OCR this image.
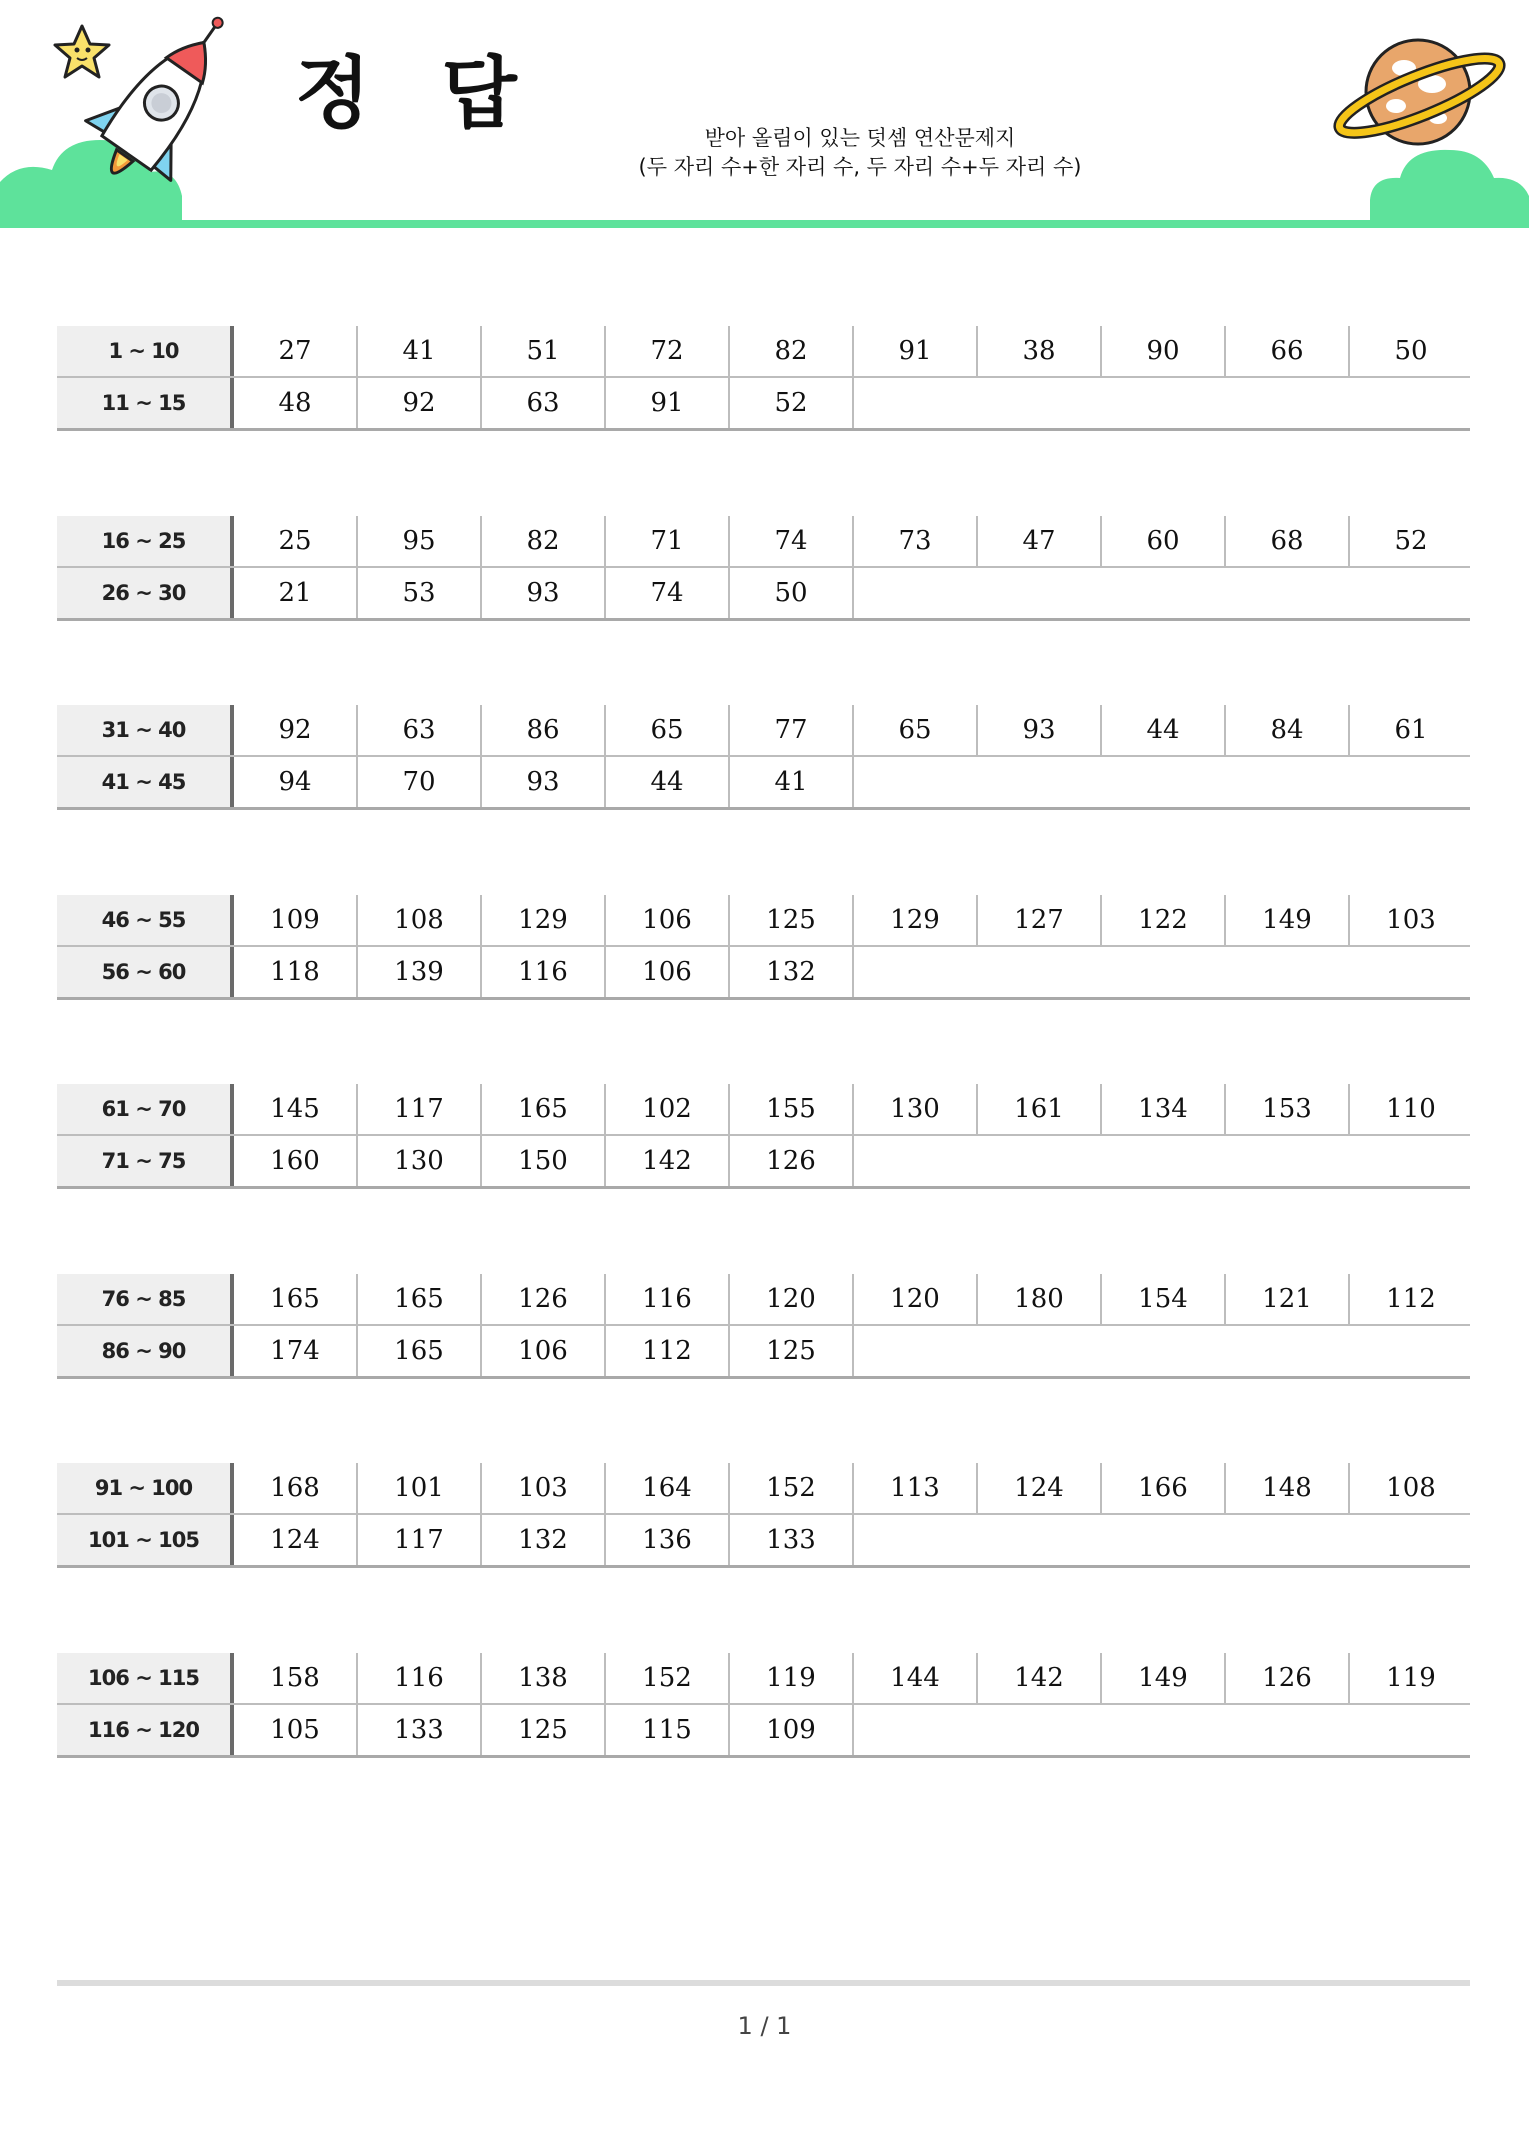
정 답	받아 올림이 있는 덧셈 연산문제지
(두 자리 수+한 자리 수, 두 자리 수+두 자리 수)
1 ~ 10	27	41	51	72	82	91	38	90	66	50
11 ~ 15	48	92	63	91	52
16 ~ 25	25	95	82	71	74	73	47	60	68	52
26 ~ 30	21	53	93	74	50
31 ~ 40	92	63	86	65	77	65	93	44	84	61
41 ~ 45	94	70	93	44	41
46 ~ 55	109	108	129	106	125	129	127	122	149	103
56 ~ 60	118	139	116	106	132
61 ~ 70	145	117	165	102	155	130	161	134	153	110
71 ~ 75	160	130	150	142	126
76 ~ 85	165	165	126	116	120	120	180	154	121	112
86 ~ 90	174	165	106	112	125
91 ~ 100	168	101	103	164	152	113	124	166	148	108
101 ~ 105	124	117	132	136	133
106 ~ 115	158	116	138	152	119	144	142	149	126	119
116 ~ 120	105	133	125	115	109
1 / 1
